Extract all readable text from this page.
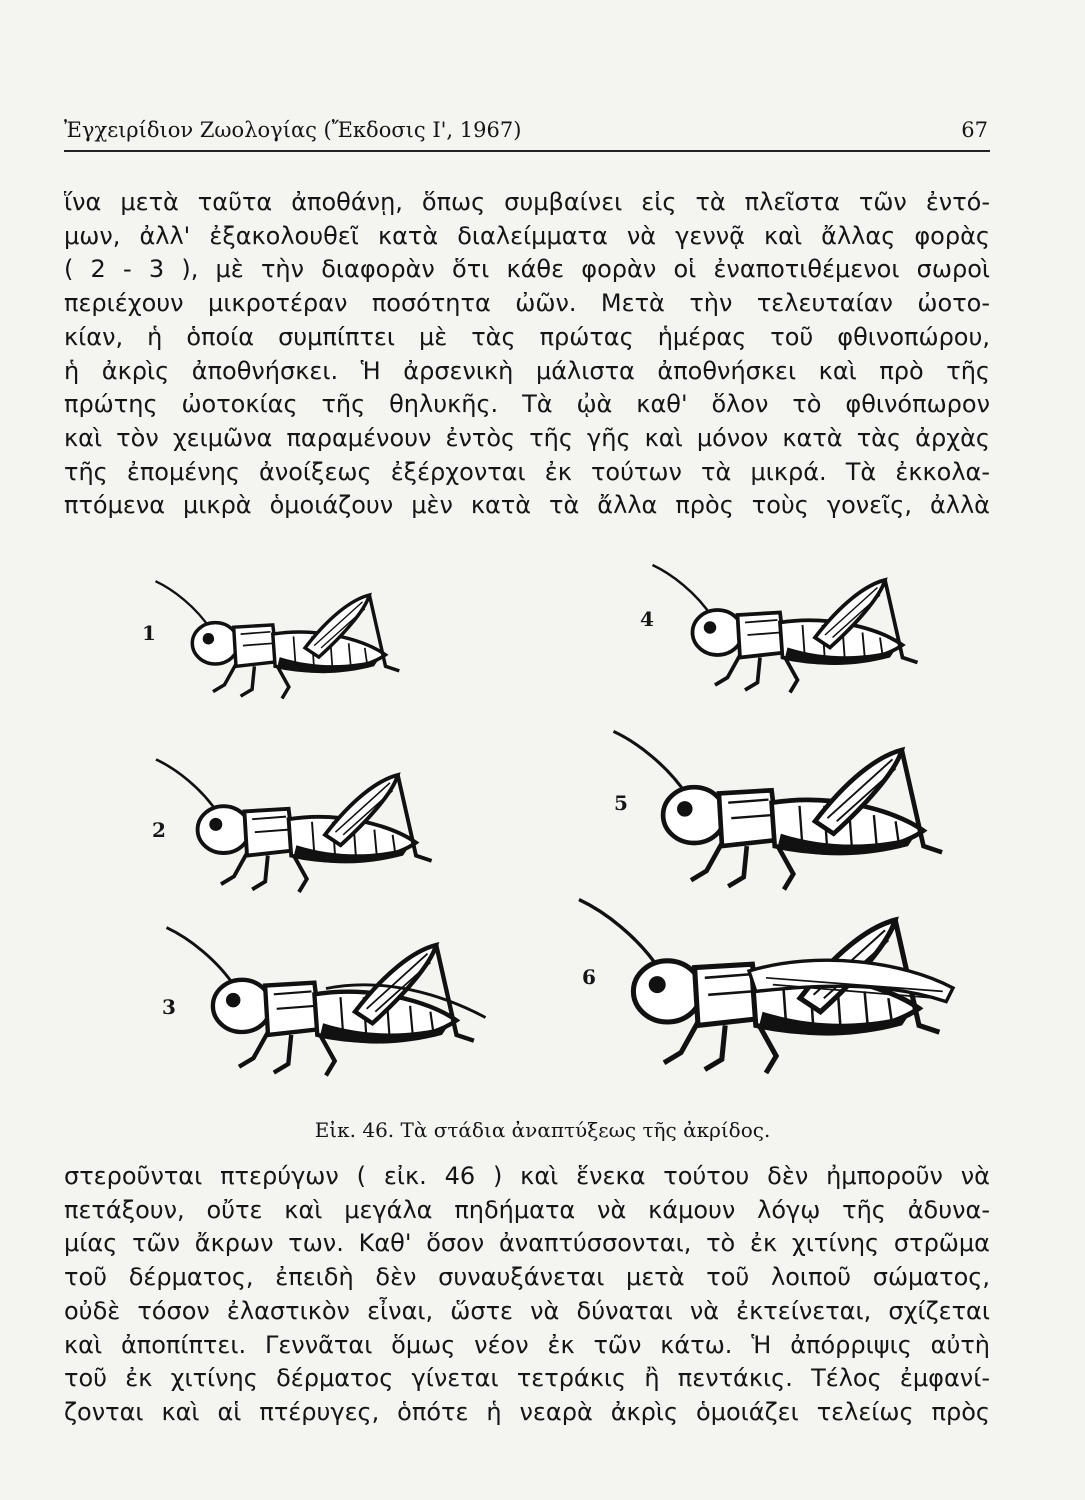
Ἐγχειρίδιον Ζωολογίας (Ἔκδοσις Ι', 1967)	67
ἵνα μετὰ ταῦτα ἀποθάνῃ, ὅπως συμβαίνει εἰς τὰ πλεῖστα τῶν ἐντό-
μων, ἀλλ' ἐξακολουθεῖ κατὰ διαλείμματα νὰ γεννᾷ καὶ ἄλλας φορὰς
( 2 - 3 ), μὲ τὴν διαφορὰν ὅτι κάθε φορὰν οἱ ἐναποτιθέμενοι σωροὶ
περιέχουν μικροτέραν ποσότητα ὠῶν. Μετὰ τὴν τελευταίαν ὠοτο-
κίαν, ἡ ὁποία συμπίπτει μὲ τὰς πρώτας ἡμέρας τοῦ φθινοπώρου,
ἡ ἀκρὶς ἀποθνήσκει. Ἡ ἀρσενικὴ μάλιστα ἀποθνήσκει καὶ πρὸ τῆς
πρώτης ὠοτοκίας τῆς θηλυκῆς. Τὰ ᾠὰ καθ' ὅλον τὸ φθινόπωρον
καὶ τὸν χειμῶνα παραμένουν ἐντὸς τῆς γῆς καὶ μόνον κατὰ τὰς ἀρχὰς
τῆς ἐπομένης ἀνοίξεως ἐξέρχονται ἐκ τούτων τὰ μικρά. Τὰ ἐκκολα-
πτόμενα μικρὰ ὁμοιάζουν μὲν κατὰ τὰ ἄλλα πρὸς τοὺς γονεῖς, ἀλλὰ
1
2
3
4
5
6
Εἰκ. 46. Τὰ στάδια ἀναπτύξεως τῆς ἀκρίδος.
στεροῦνται πτερύγων ( εἰκ. 46 ) καὶ ἕνεκα τούτου δὲν ἠμποροῦν νὰ
πετάξουν, οὔτε καὶ μεγάλα πηδήματα νὰ κάμουν λόγῳ τῆς ἀδυνα-
μίας τῶν ἄκρων των. Καθ' ὅσον ἀναπτύσσονται, τὸ ἐκ χιτίνης στρῶμα
τοῦ δέρματος, ἐπειδὴ δὲν συναυξάνεται μετὰ τοῦ λοιποῦ σώματος,
οὐδὲ τόσον ἐλαστικὸν εἶναι, ὥστε νὰ δύναται νὰ ἐκτείνεται, σχίζεται
καὶ ἀποπίπτει. Γεννᾶται ὅμως νέον ἐκ τῶν κάτω. Ἡ ἀπόρριψις αὐτὴ
τοῦ ἐκ χιτίνης δέρματος γίνεται τετράκις ἢ πεντάκις. Τέλος ἐμφανί-
ζονται καὶ αἱ πτέρυγες, ὁπότε ἡ νεαρὰ ἀκρὶς ὁμοιάζει τελείως πρὸς
